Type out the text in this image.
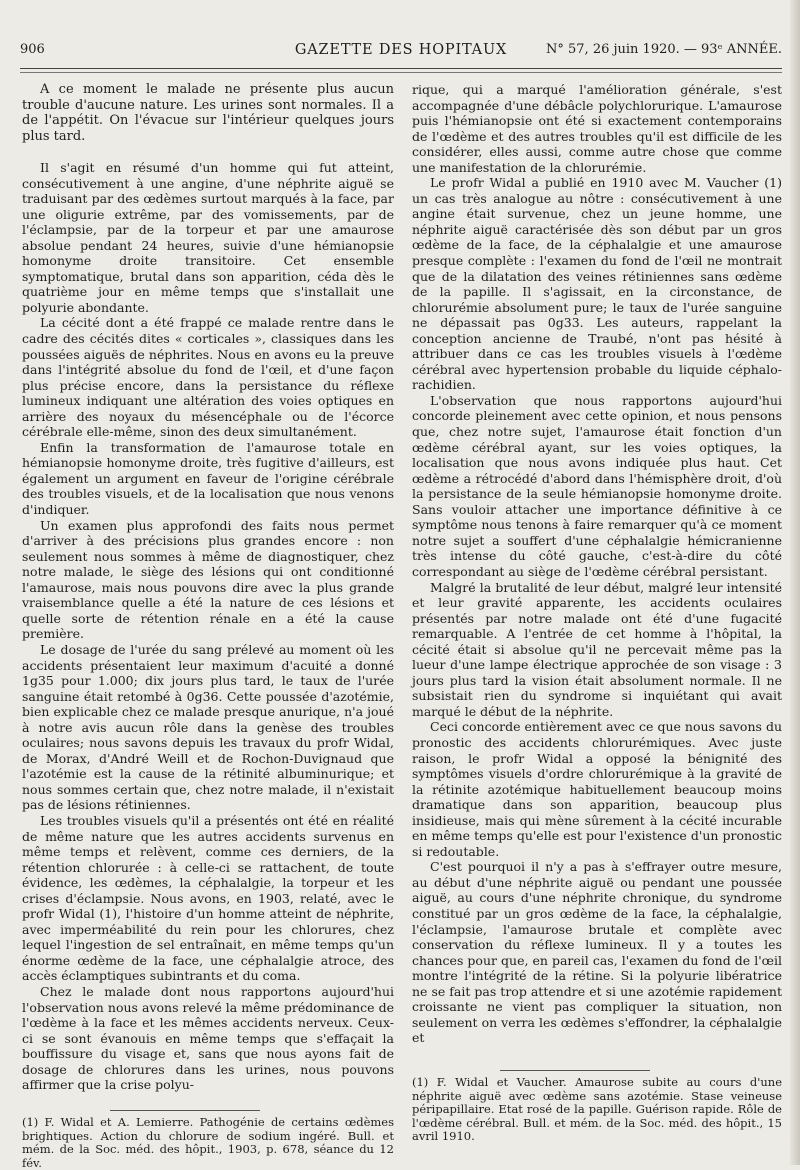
906	GAZETTE DES HOPITAUX	N° 57, 26 juin 1920. — 93ᵉ ANNÉE.

A ce moment le malade ne présente plus aucun trouble d'aucune nature. Les urines sont normales. Il a de l'appétit. On l'évacue sur l'intérieur quelques jours plus tard.

Il s'agit en résumé d'un homme qui fut atteint, consécutivement à une angine, d'une néphrite aiguë se traduisant par des œdèmes surtout marqués à la face, par une oligurie extrême, par des vomissements, par de l'éclampsie, par de la torpeur et par une amaurose absolue pendant 24 heures, suivie d'une hémianopsie homonyme droite transitoire. Cet ensemble symptomatique, brutal dans son apparition, céda dès le quatrième jour en même temps que s'installait une polyurie abondante.

La cécité dont a été frappé ce malade rentre dans le cadre des cécités dites « corticales », classiques dans les poussées aiguës de néphrites. Nous en avons eu la preuve dans l'intégrité absolue du fond de l'œil, et d'une façon plus précise encore, dans la persistance du réflexe lumineux indiquant une altération des voies optiques en arrière des noyaux du mésencéphale ou de l'écorce cérébrale elle-même, sinon des deux simultanément.

Enfin la transformation de l'amaurose totale en hémianopsie homonyme droite, très fugitive d'ailleurs, est également un argument en faveur de l'origine cérébrale des troubles visuels, et de la localisation que nous venons d'indiquer.

Un examen plus approfondi des faits nous permet d'arriver à des précisions plus grandes encore : non seulement nous sommes à même de diagnostiquer, chez notre malade, le siège des lésions qui ont conditionné l'amaurose, mais nous pouvons dire avec la plus grande vraisemblance quelle a été la nature de ces lésions et quelle sorte de rétention rénale en a été la cause première.

Le dosage de l'urée du sang prélevé au moment où les accidents présentaient leur maximum d'acuité a donné 1g35 pour 1.000; dix jours plus tard, le taux de l'urée sanguine était retombé à 0g36. Cette poussée d'azotémie, bien explicable chez ce malade presque anurique, n'a joué à notre avis aucun rôle dans la genèse des troubles oculaires; nous savons depuis les travaux du profr Widal, de Morax, d'André Weill et de Rochon-Duvignaud que l'azotémie est la cause de la rétinité albuminurique; et nous sommes certain que, chez notre malade, il n'existait pas de lésions rétiniennes.

Les troubles visuels qu'il a présentés ont été en réalité de même nature que les autres accidents survenus en même temps et relèvent, comme ces derniers, de la rétention chlorurée : à celle-ci se rattachent, de toute évidence, les œdèmes, la céphalalgie, la torpeur et les crises d'éclampsie. Nous avons, en 1903, relaté, avec le profr Widal (1), l'histoire d'un homme atteint de néphrite, avec imperméabilité du rein pour les chlorures, chez lequel l'ingestion de sel entraînait, en même temps qu'un énorme œdème de la face, une céphalalgie atroce, des accès éclamptiques subintrants et du coma.

Chez le malade dont nous rapportons aujourd'hui l'observation nous avons relevé la même prédominance de l'œdème à la face et les mêmes accidents nerveux. Ceux-ci se sont évanouis en même temps que s'effaçait la bouffissure du visage et, sans que nous ayons fait de dosage de chlorures dans les urines, nous pouvons affirmer que la crise polyu-

rique, qui a marqué l'amélioration générale, s'est accompagnée d'une débâcle polychlorurique. L'amaurose puis l'hémianopsie ont été si exactement contemporains de l'œdème et des autres troubles qu'il est difficile de les considérer, elles aussi, comme autre chose que comme une manifestation de la chlorurémie.

Le profr Widal a publié en 1910 avec M. Vaucher (1) un cas très analogue au nôtre : consécutivement à une angine était survenue, chez un jeune homme, une néphrite aiguë caractérisée dès son début par un gros œdème de la face, de la céphalalgie et une amaurose presque complète : l'examen du fond de l'œil ne montrait que de la dilatation des veines rétiniennes sans œdème de la papille. Il s'agissait, en la circonstance, de chlorurémie absolument pure; le taux de l'urée sanguine ne dépassait pas 0g33. Les auteurs, rappelant la conception ancienne de Traubé, n'ont pas hésité à attribuer dans ce cas les troubles visuels à l'œdème cérébral avec hypertension probable du liquide céphalo-rachidien.

L'observation que nous rapportons aujourd'hui concorde pleinement avec cette opinion, et nous pensons que, chez notre sujet, l'amaurose était fonction d'un œdème cérébral ayant, sur les voies optiques, la localisation que nous avons indiquée plus haut. Cet œdème a rétrocédé d'abord dans l'hémisphère droit, d'où la persistance de la seule hémianopsie homonyme droite. Sans vouloir attacher une importance définitive à ce symptôme nous tenons à faire remarquer qu'à ce moment notre sujet a souffert d'une céphalalgie hémicranienne très intense du côté gauche, c'est-à-dire du côté correspondant au siège de l'œdème cérébral persistant.

Malgré la brutalité de leur début, malgré leur intensité et leur gravité apparente, les accidents oculaires présentés par notre malade ont été d'une fugacité remarquable. A l'entrée de cet homme à l'hôpital, la cécité était si absolue qu'il ne percevait même pas la lueur d'une lampe électrique approchée de son visage : 3 jours plus tard la vision était absolument normale. Il ne subsistait rien du syndrome si inquiétant qui avait marqué le début de la néphrite.

Ceci concorde entièrement avec ce que nous savons du pronostic des accidents chlorurémiques. Avec juste raison, le profr Widal a opposé la bénignité des symptômes visuels d'ordre chlorurémique à la gravité de la rétinite azotémique habituellement beaucoup moins dramatique dans son apparition, beaucoup plus insidieuse, mais qui mène sûrement à la cécité incurable en même temps qu'elle est pour l'existence d'un pronostic si redoutable.

C'est pourquoi il n'y a pas à s'effrayer outre mesure, au début d'une néphrite aiguë ou pendant une poussée aiguë, au cours d'une néphrite chronique, du syndrome constitué par un gros œdème de la face, la céphalalgie, l'éclampsie, l'amaurose brutale et complète avec conservation du réflexe lumineux. Il y a toutes les chances pour que, en pareil cas, l'examen du fond de l'œil montre l'intégrité de la rétine. Si la polyurie libératrice ne se fait pas trop attendre et si une azotémie rapidement croissante ne vient pas compliquer la situation, non seulement on verra les œdèmes s'effondrer, la céphalalgie et

(1) F. Widal et A. Lemierre. Pathogénie de certains œdèmes brightiques. Action du chlorure de sodium ingéré. Bull. et mém. de la Soc. méd. des hôpit., 1903, p. 678, séance du 12 fév.
(1) F. Widal et Vaucher. Amaurose subite au cours d'une néphrite aiguë avec œdème sans azotémie. Stase veineuse péripapillaire. Etat rosé de la papille. Guérison rapide. Rôle de l'œdème cérébral. Bull. et mém. de la Soc. méd. des hôpit., 15 avril 1910.
